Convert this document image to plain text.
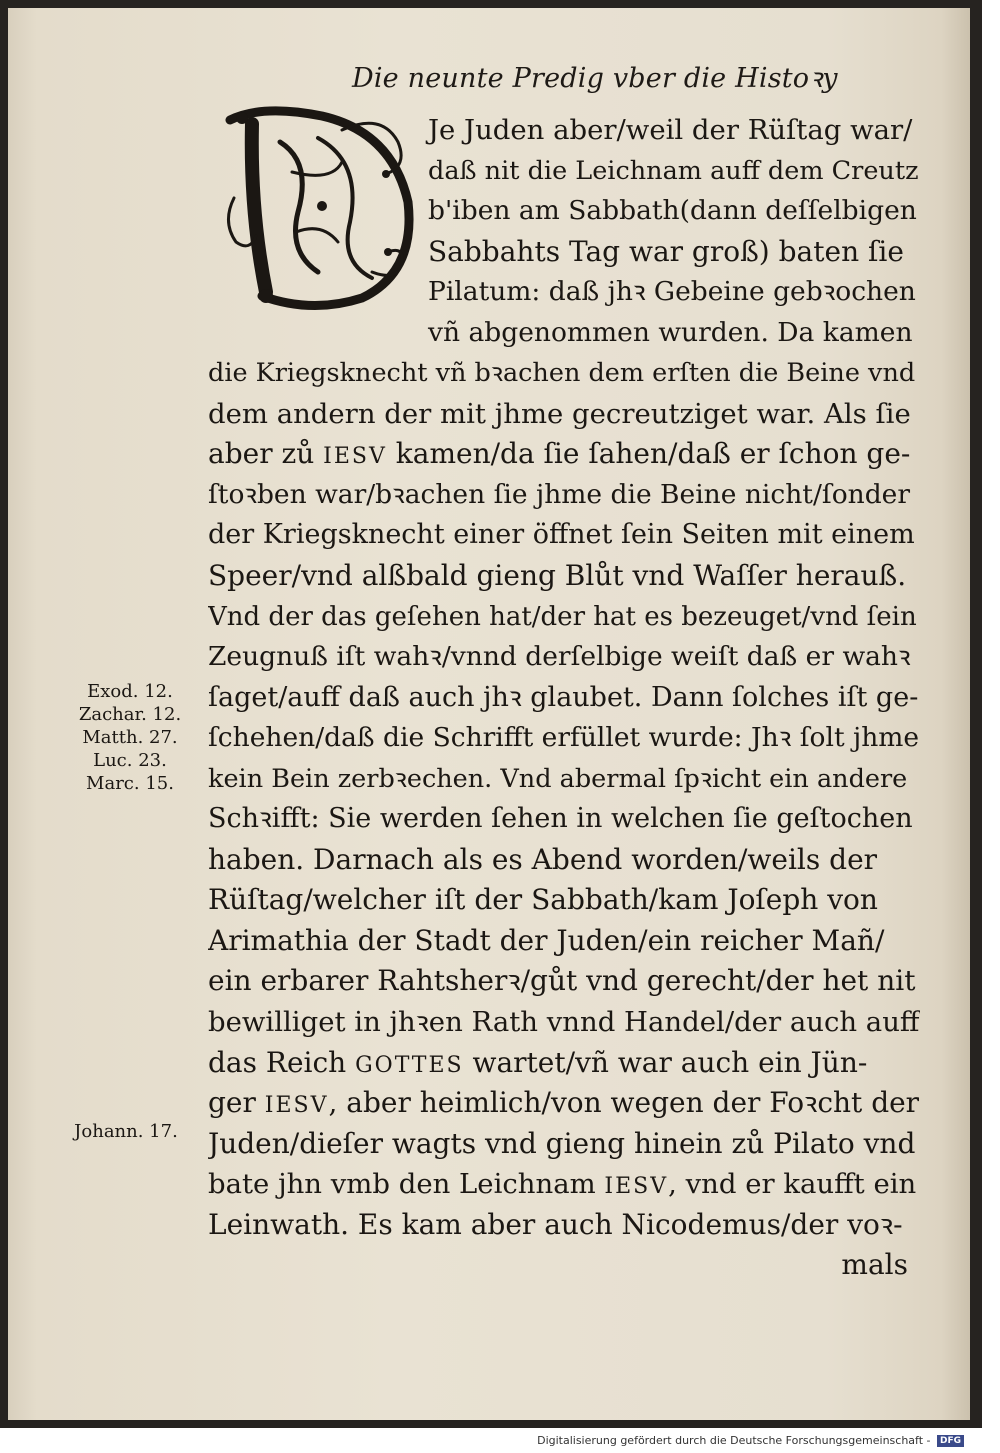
Die neunte Predig vber die Histoꝛy
Je Juden aber/weil der Rüſtag war/
daß nit die Leichnam auff dem Creutz
b'iben am Sabbath(dann deſſelbigen
Sabbahts Tag war groß) baten ſie
Pilatum: daß jhꝛ Gebeine gebꝛochen
vñ abgenommen wurden. Da kamen
die Kriegsknecht vñ bꝛachen dem erſten die Beine vnd
dem andern der mit jhme gecreutziget war. Als ſie
aber zů IESV kamen/da ſie ſahen/daß er ſchon ge-
ſtoꝛben war/bꝛachen ſie jhme die Beine nicht/ſonder
der Kriegsknecht einer öffnet ſein Seiten mit einem
Speer/vnd alßbald gieng Blůt vnd Waſſer herauß.
Vnd der das geſehen hat/der hat es bezeuget/vnd ſein
Zeugnuß iſt wahꝛ/vnnd derſelbige weiſt daß er wahꝛ
ſaget/auff daß auch jhꝛ glaubet. Dann ſolches iſt ge-
ſchehen/daß die Schrifft erfüllet wurde: Jhꝛ ſolt jhme
kein Bein zerbꝛechen. Vnd abermal ſpꝛicht ein andere
Schꝛifft: Sie werden ſehen in welchen ſie geſtochen
haben. Darnach als es Abend worden/weils der
Rüſtag/welcher iſt der Sabbath/kam Joſeph von
Arimathia der Stadt der Juden/ein reicher Mañ/
ein erbarer Rahtsherꝛ/gůt vnd gerecht/der het nit
bewilliget in jhꝛen Rath vnnd Handel/der auch auff
das Reich GOTTES wartet/vñ war auch ein Jün-
ger IESV, aber heimlich/von wegen der Foꝛcht der
Juden/dieſer wagts vnd gieng hinein zů Pilato vnd
bate jhn vmb den Leichnam IESV, vnd er kaufft ein
Leinwath. Es kam aber auch Nicodemus/der voꝛ-
mals
Exod. 12.
Zachar. 12.
Matth. 27.
Luc. 23.
Marc. 15.
Johann. 17.
Digitalisierung gefördert durch die Deutsche Forschungsgemeinschaft - DFG
